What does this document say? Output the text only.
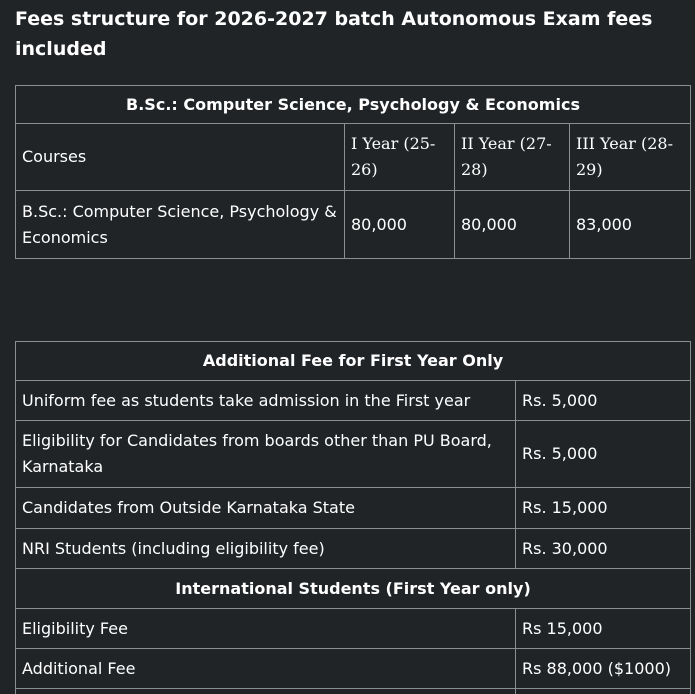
Fees structure for 2026-2027 batch Autonomous Exam fees included
B.Sc.: Computer Science, Psychology & Economics			
Courses	I Year (25-26)	II Year (27-28)	III Year (28-29)
B.Sc.: Computer Science, Psychology & Economics	80,000	80,000	83,000
Additional Fee for First Year Only	
Uniform fee as students take admission in the First year	Rs. 5,000
Eligibility for Candidates from boards other than PU Board, Karnataka	Rs. 5,000
Candidates from Outside Karnataka State	Rs. 15,000
NRI Students (including eligibility fee)	Rs. 30,000
International Students (First Year only)	
Eligibility Fee	Rs 15,000
Additional Fee	Rs 88,000 ($1000)
